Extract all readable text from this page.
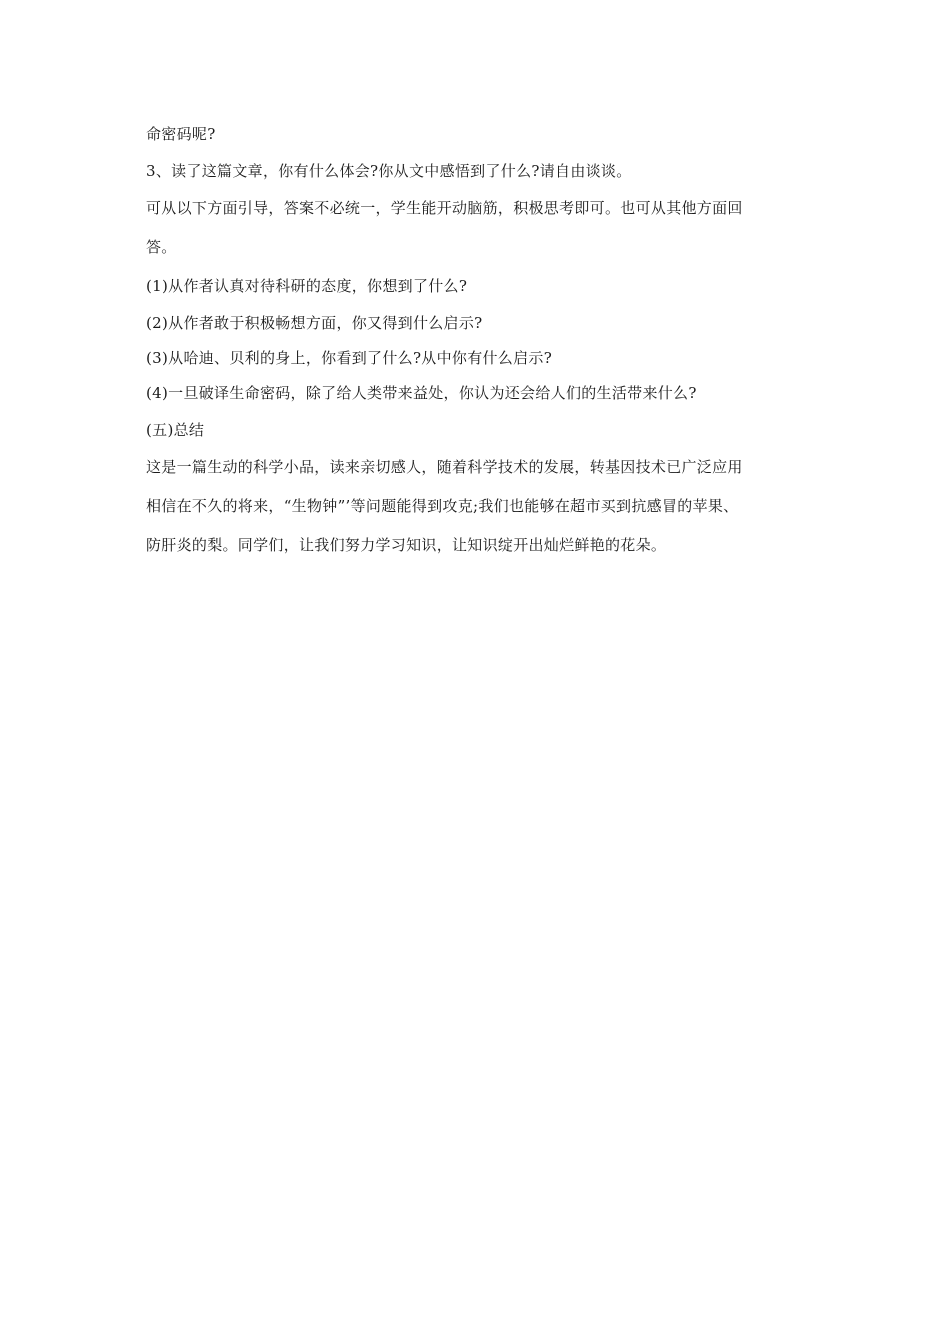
命密码呢?
3、读了这篇文章，你有什么体会?你从文中感悟到了什么?请自由谈谈。
可从以下方面引导，答案不必统一，学生能开动脑筋，积极思考即可。也可从其他方面回
答。
(1)从作者认真对待科研的态度，你想到了什么?
(2)从作者敢于积极畅想方面，你又得到什么启示?
(3)从哈迪、贝利的身上，你看到了什么?从中你有什么启示?
(4)一旦破译生命密码，除了给人类带来益处，你认为还会给人们的生活带来什么?
(五)总结
这是一篇生动的科学小品，读来亲切感人，随着科学技术的发展，转基因技术已广泛应用
相信在不久的将来，“生物钟”’等问题能得到攻克;我们也能够在超市买到抗感冒的苹果、
防肝炎的梨。同学们，让我们努力学习知识，让知识绽开出灿烂鲜艳的花朵。
